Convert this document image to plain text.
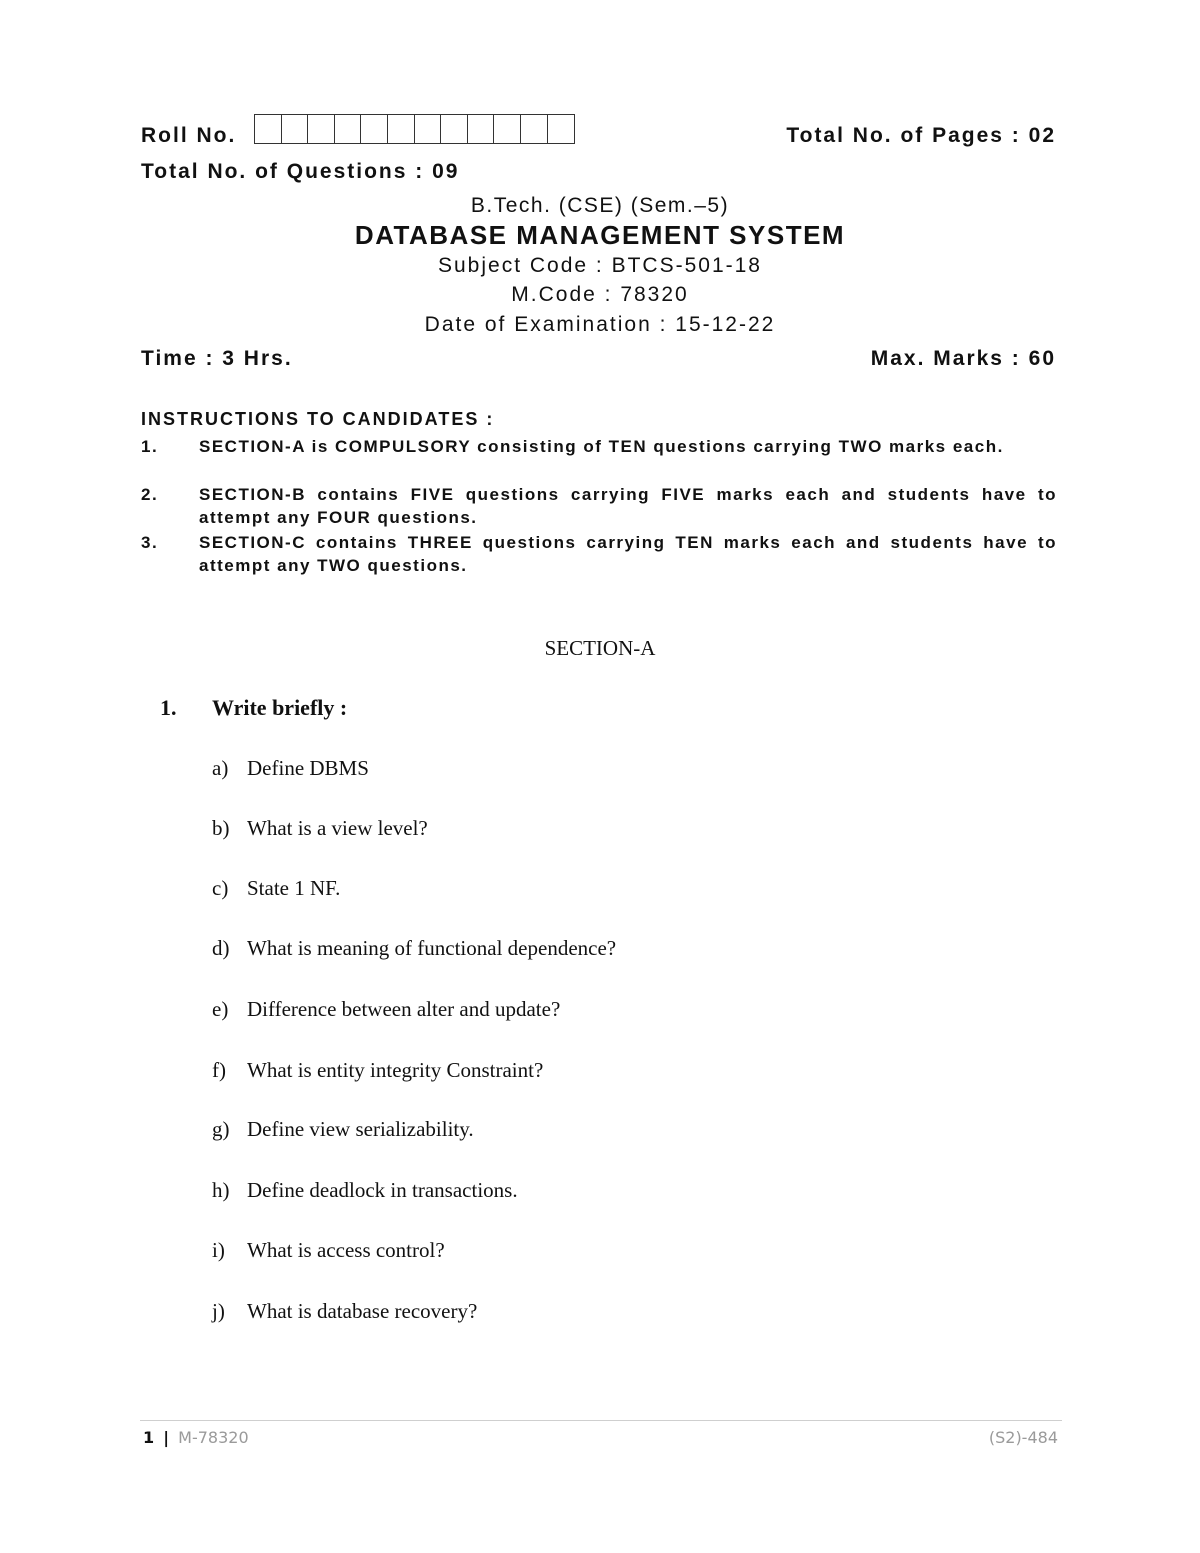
Roll No.	Total No. of Pages : 02
Total No. of Questions : 09
B.Tech. (CSE) (Sem.–5)
DATABASE MANAGEMENT SYSTEM
Subject Code : BTCS-501-18
M.Code : 78320
Date of Examination : 15-12-22
Time : 3 Hrs.	Max. Marks : 60
INSTRUCTIONS TO CANDIDATES :
1. SECTION-A is COMPULSORY consisting of TEN questions carrying TWO marks each.
2. SECTION-B contains FIVE questions carrying FIVE marks each and students have to attempt any FOUR questions.
3. SECTION-C contains THREE questions carrying TEN marks each and students have to attempt any TWO questions.
SECTION-A
1. Write briefly :
a) Define DBMS
b) What is a view level?
c) State 1 NF.
d) What is meaning of functional dependence?
e) Difference between alter and update?
f) What is entity integrity Constraint?
g) Define view serializability.
h) Define deadlock in transactions.
i) What is access control?
j) What is database recovery?
1 | M-78320	(S2)-484
